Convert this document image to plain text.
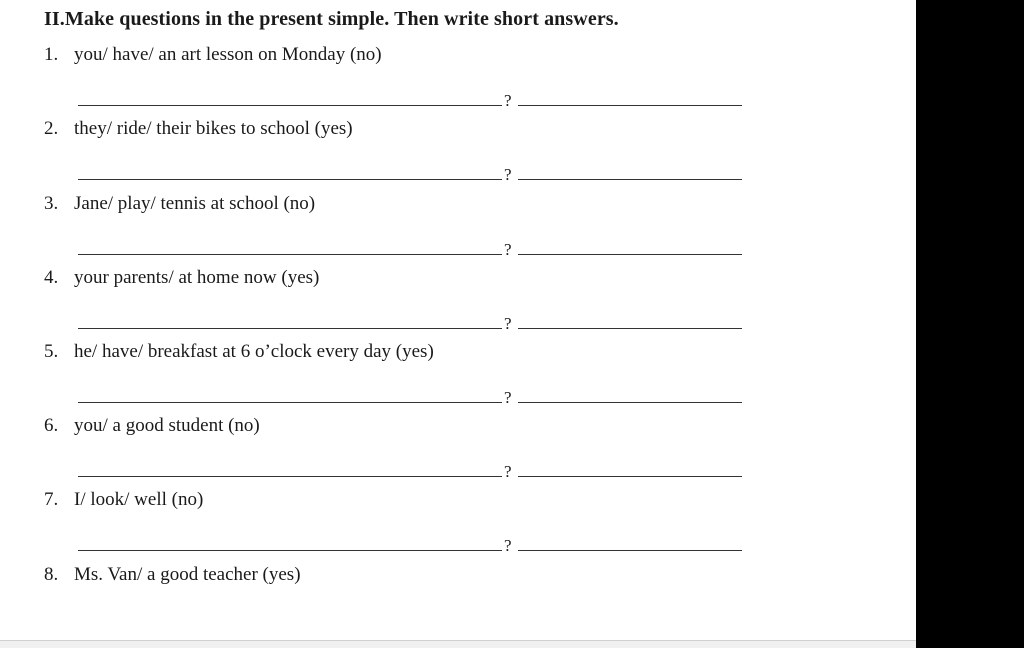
II.Make questions in the present simple. Then write short answers.
1. you/ have/ an art lesson on Monday (no)
?
2. they/ ride/ their bikes to school (yes)
?
3. Jane/ play/ tennis at school (no)
?
4. your parents/ at home now (yes)
?
5. he/ have/ breakfast at 6 o’clock every day (yes)
?
6. you/ a good student (no)
?
7. I/ look/ well (no)
?
8. Ms. Van/ a good teacher (yes)
